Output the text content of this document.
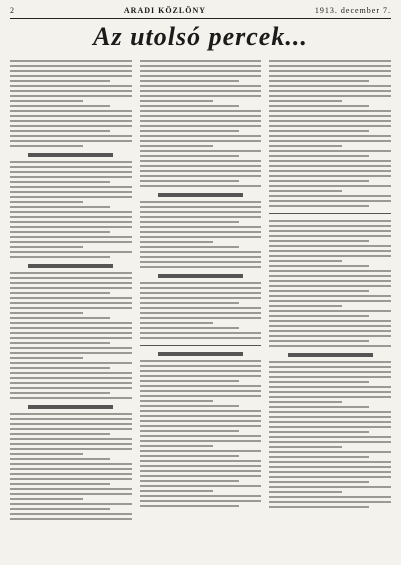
2	ARADI KÖZLÖNY	1913. december 7.
Az utolsó percek...
